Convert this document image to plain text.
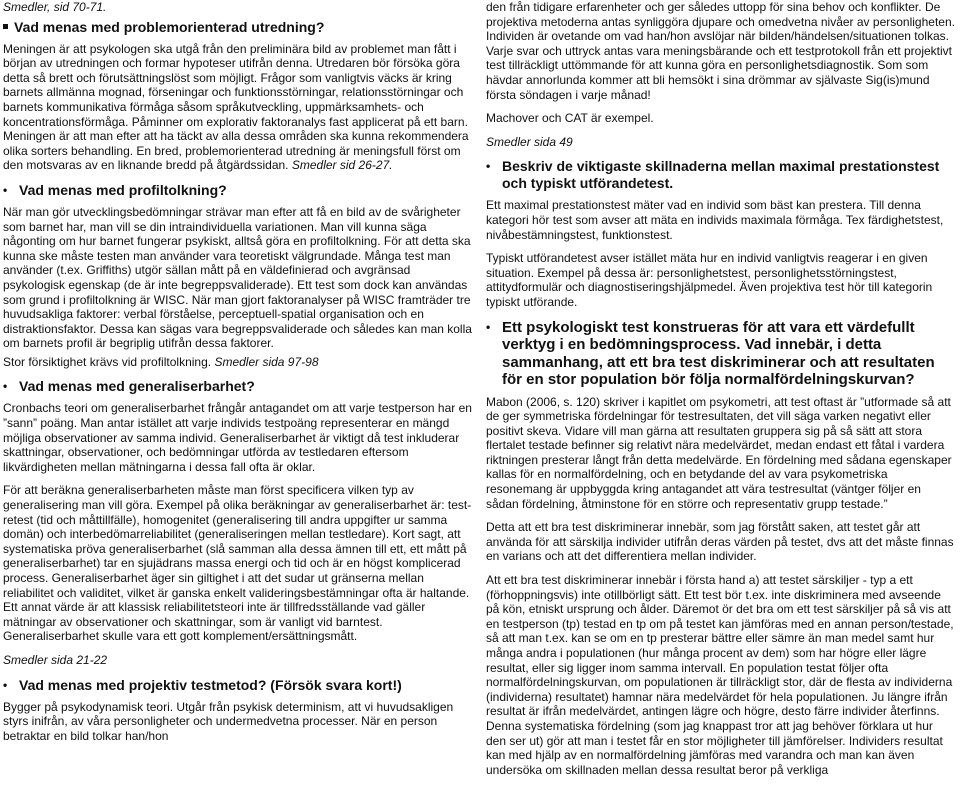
Smedler, sid 70-71.

Vad menas med problemorienterad utredning?

Meningen är att psykologen ska utgå från den preliminära bild av problemet man fått i början av utredningen och formar hypoteser utifrån denna. Utredaren bör försöka göra detta så brett och förutsättningslöst som möjligt. Frågor som vanligtvis väcks är kring barnets allmänna mognad, förseningar och funktionsstörningar, relationsstörningar och barnets kommunikativa förmåga såsom språkutveckling, uppmärksamhets- och koncentrationsförmåga. Påminner om explorativ faktoranalys fast applicerat på ett barn. Meningen är att man efter att ha täckt av alla dessa områden ska kunna rekommendera olika sorters behandling. En bred, problemorienterad utredning är meningsfull först om den motsvaras av en liknande bredd på åtgärdssidan. Smedler sid 26-27.

• Vad menas med profiltolkning?

När man gör utvecklingsbedömningar strävar man efter att få en bild av de svårigheter som barnet har, man vill se din intraindividuella variationen. Man vill kunna säga någonting om hur barnet fungerar psykiskt, alltså göra en profiltolkning. För att detta ska kunna ske måste testen man använder vara teoretiskt välgrundade. Många test man använder (t.ex. Griffiths) utgör sällan mått på en väldefinierad och avgränsad psykologisk egenskap (de är inte begreppsvaliderade). Ett test som dock kan användas som grund i profiltolkning är WISC. När man gjort faktoranalyser på WISC framträder tre huvudsakliga faktorer: verbal förståelse, perceptuell-spatial organisation och en distraktionsfaktor. Dessa kan sägas vara begreppsvaliderade och således kan man kolla om barnets profil är begriplig utifrån dessa faktorer.

Stor försiktighet krävs vid profiltolkning. Smedler sida 97-98

• Vad menas med generaliserbarhet?

Cronbachs teori om generaliserbarhet frångår antagandet om att varje testperson har en ”sann” poäng. Man antar istället att varje individs testpoäng representerar en mängd möjliga observationer av samma individ. Generaliserbarhet är viktigt då test inkluderar skattningar, observationer, och bedömningar utförda av testledaren eftersom likvärdigheten mellan mätningarna i dessa fall ofta är oklar.

För att beräkna generaliserbarheten måste man först specificera vilken typ av generalisering man vill göra. Exempel på olika beräkningar av generaliserbarhet är: test-retest (tid och måttillfälle), homogenitet (generalisering till andra uppgifter ur samma domän) och interbedömarreliabilitet (generaliseringen mellan testledare). Kort sagt, att systematiska pröva generaliserbarhet (slå samman alla dessa ämnen till ett, ett mått på generaliserbarhet) tar en sjujädrans massa energi och tid och är en högst komplicerad process. Generaliserbarhet äger sin giltighet i att det sudar ut gränserna mellan reliabilitet och validitet, vilket är ganska enkelt valideringsbestämningar ofta är haltande. Ett annat värde är att klassisk reliabilitetsteori inte är tillfredsställande vad gäller mätningar av observationer och skattningar, som är vanligt vid barntest. Generaliserbarhet skulle vara ett gott komplement/ersättningsmått.

Smedler sida 21-22

• Vad menas med projektiv testmetod? (Försök svara kort!)

Bygger på psykodynamisk teori. Utgår från psykisk determinism, att vi huvudsakligen styrs inifrån, av våra personligheter och undermedvetna processer. När en person betraktar en bild tolkar han/hon

den från tidigare erfarenheter och ger således uttopp för sina behov och konflikter. De projektiva metoderna antas synliggöra djupare och omedvetna nivåer av personligheten. Individen är ovetande om vad han/hon avslöjar när bilden/händelsen/situationen tolkas. Varje svar och uttryck antas vara meningsbärande och ett testprotokoll från ett projektivt test tillräckligt uttömmande för att kunna göra en personlighetsdiagnostik. Som som hävdar annorlunda kommer att bli hemsökt i sina drömmar av självaste Sig(is)mund första söndagen i varje månad!

Machover och CAT är exempel.

Smedler sida 49

• Beskriv de viktigaste skillnaderna mellan maximal prestationstest och typiskt utförandetest.

Ett maximal prestationstest mäter vad en individ som bäst kan prestera. Till denna kategori hör test som avser att mäta en individs maximala förmåga. Tex färdighetstest, nivåbestämningstest, funktionstest.

Typiskt utförandetest avser istället mäta hur en individ vanligtvis reagerar i en given situation. Exempel på dessa är: personlighetstest, personlighetsstörningstest, attitydformulär och diagnostiseringshjälpmedel. Även projektiva test hör till kategorin typiskt utförande.

• Ett psykologiskt test konstrueras för att vara ett värdefullt verktyg i en bedömningsprocess. Vad innebär, i detta sammanhang, att ett bra test diskriminerar och att resultaten för en stor population bör följa normalfördelningskurvan?

Mabon (2006, s. 120) skriver i kapitlet om psykometri, att test oftast är ”utformade så att de ger symmetriska fördelningar för testresultaten, det vill säga varken negativt eller positivt skeva. Vidare vill man gärna att resultaten gruppera sig på så sätt att stora flertalet testade befinner sig relativt nära medelvärdet, medan endast ett fåtal i vardera riktningen presterar långt från detta medelvärde. En fördelning med sådana egenskaper kallas för en normalfördelning, och en betydande del av vara psykometriska resonemang är uppbyggda kring antagandet att vära testresultat (väntger följer en sådan fördelning, åtminstone för en större och representativ grupp testade.”

Detta att ett bra test diskriminerar innebär, som jag förstått saken, att testet går att använda för att särskilja individer utifrån deras värden på testet, dvs att det måste finnas en varians och att det differentiera mellan individer.

Att ett bra test diskriminerar innebär i första hand a) att testet särskiljer - typ a ett (förhoppningsvis) inte otillbörligt sätt. Ett test bör t.ex. inte diskriminera med avseende på kön, etniskt ursprung och ålder. Däremot ör det bra om ett test särskiljer på så vis att en testperson (tp) testad en tp om på testet kan jämföras med en annan person/testade, så att man t.ex. kan se om en tp presterar bättre eller sämre än man medel samt hur många andra i populationen (hur många procent av dem) som har högre eller lägre resultat, eller sig ligger inom samma intervall. En population testat följer ofta normalfördelningskurvan, om populationen är tillräckligt stor, där de flesta av individerna (individerna) resultatet) hamnar nära medelvärdet för hela populationen. Ju längre ifrån resultat är ifrån medelvärdet, antingen lägre och högre, desto färre individer återfinns. Denna systematiska fördelning (som jag knappast tror att jag behöver förklara ut hur den ser ut) gör att man i testet får en stor möjligheter till jämförelser. Individers resultat kan med hjälp av en normalfördelning jämföras med varandra och man kan även undersöka om skillnaden mellan dessa resultat beror på verkliga
